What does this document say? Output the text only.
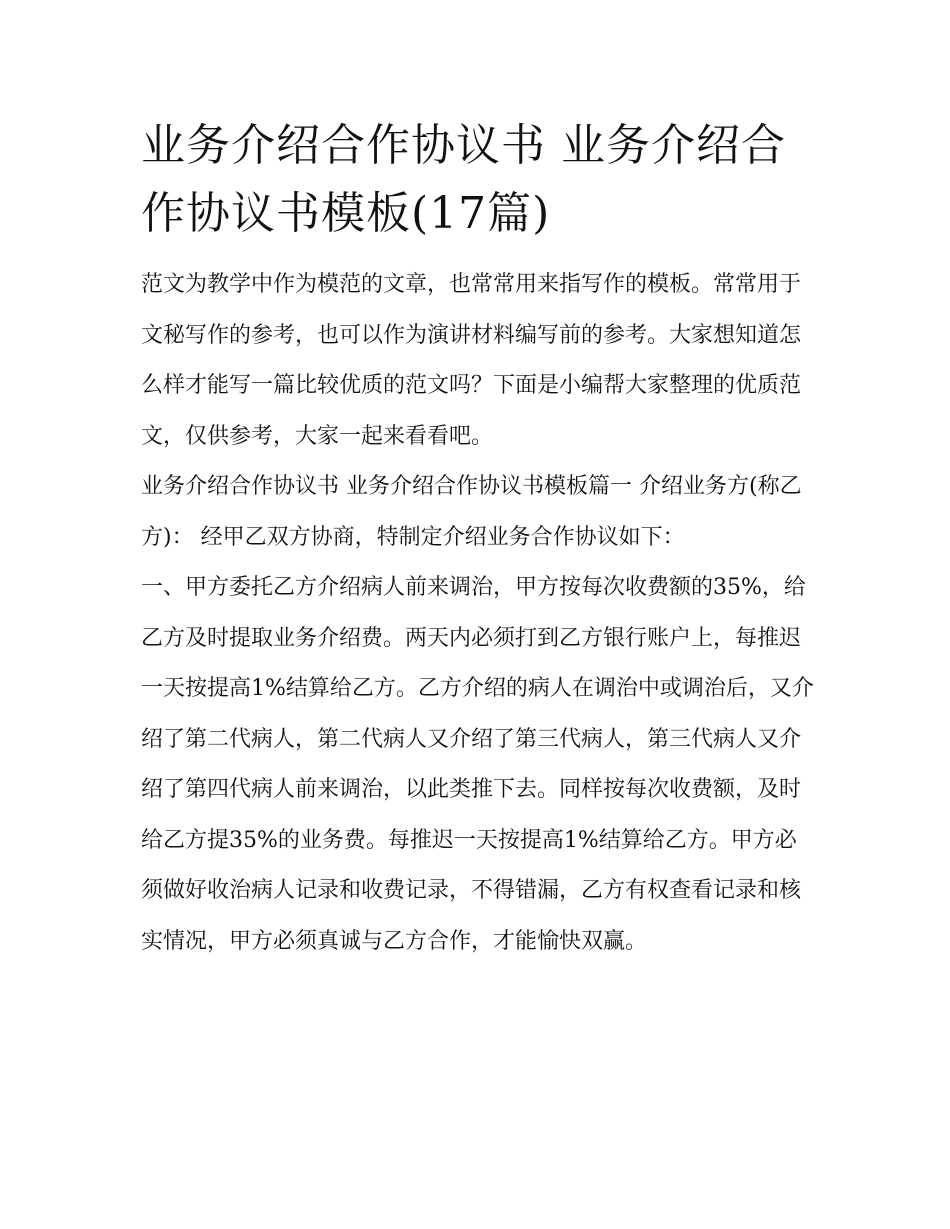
业务介绍合作协议书 业务介绍合作协议书模板(17篇)

范文为教学中作为模范的文章，也常常用来指写作的模板。常常用于文秘写作的参考，也可以作为演讲材料编写前的参考。大家想知道怎么样才能写一篇比较优质的范文吗？下面是小编帮大家整理的优质范文，仅供参考，大家一起来看看吧。

业务介绍合作协议书 业务介绍合作协议书模板篇一 介绍业务方(称乙方)： 经甲乙双方协商，特制定介绍业务合作协议如下：

一、甲方委托乙方介绍病人前来调治，甲方按每次收费额的35%，给乙方及时提取业务介绍费。两天内必须打到乙方银行账户上，每推迟一天按提高1%结算给乙方。乙方介绍的病人在调治中或调治后，又介绍了第二代病人，第二代病人又介绍了第三代病人，第三代病人又介绍了第四代病人前来调治，以此类推下去。同样按每次收费额，及时给乙方提35%的业务费。每推迟一天按提高1%结算给乙方。甲方必须做好收治病人记录和收费记录，不得错漏，乙方有权查看记录和核实情况，甲方必须真诚与乙方合作，才能愉快双赢。
